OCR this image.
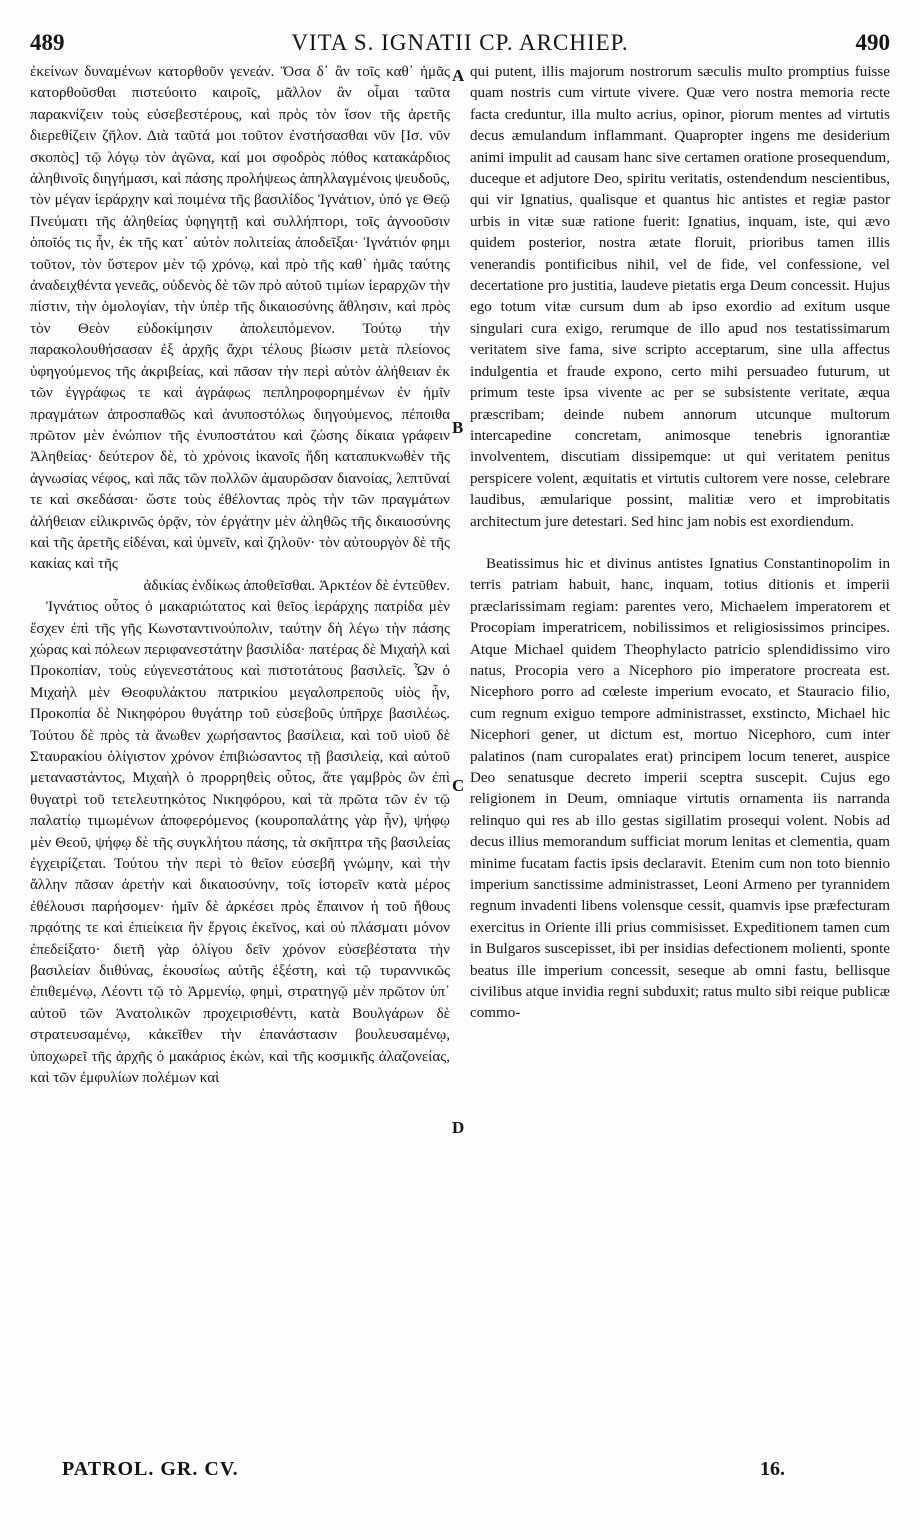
489	VITA S. IGNATII CP. ARCHIEP.	490

ἐκείνων δυναμένων κατορθοῦν γενεάν. Ὅσα δ᾽ ἂν τοῖς καθ᾽ ἡμᾶς κατορθοῦσθαι πιστεύοιτο καιροῖς, μᾶλλον ἂν οἶμαι ταῦτα παρακνίζειν τοὺς εὐσεβεστέρους, καὶ πρὸς τὸν ἴσον τῆς ἀρετῆς διερεθίζειν ζῆλον. Διὰ ταῦτά μοι τοῦτον ἐνστήσασθαι νῦν [Ισ. νῦν σκοπὸς] τῷ λόγῳ τὸν ἀγῶνα, καί μοι σφοδρὸς πόθος κατακάρδιος ἀληθινοῖς διηγήμασι, καὶ πάσης προλήψεως ἀπηλλαγμένοις ψευδοῦς, τὸν μέγαν ἱεράρχην καὶ ποιμένα τῆς βασιλίδος Ἰγνάτιον, ὑπό γε Θεῷ Πνεύματι τῆς ἀληθείας ὑφηγητῇ καὶ συλλήπτορι, τοῖς ἀγνοοῦσιν ὁποῖός τις ἦν, ἐκ τῆς κατ᾽ αὐτὸν πολιτείας ἀποδεῖξαι· Ἰγνάτιόν φημι τοῦτον, τὸν ὕστερον μὲν τῷ χρόνῳ, καὶ πρὸ τῆς καθ᾽ ἡμᾶς ταύτης ἀναδειχθέντα γενεᾶς, οὐδενὸς δὲ τῶν πρὸ αὐτοῦ τιμίων ἱεραρχῶν τὴν πίστιν, τὴν ὁμολογίαν, τὴν ὑπὲρ τῆς δικαιοσύνης ἄθλησιν, καὶ πρὸς τὸν Θεὸν εὐδοκίμησιν ἀπολειπόμενον. Τούτῳ τὴν παρακολουθήσασαν ἐξ ἀρχῆς ἄχρι τέλους βίωσιν μετὰ πλείονος ὑφηγούμενος τῆς ἀκριβείας, καὶ πᾶσαν τὴν περὶ αὐτὸν ἀλήθειαν ἐκ τῶν ἐγγράφως τε καὶ ἀγράφως πεπληροφορημένων ἐν ἡμῖν πραγμάτων ἀπροσπαθῶς καὶ ἀνυποστόλως διηγούμενος, πέποιθα πρῶτον μὲν ἐνώπιον τῆς ἐνυποστάτου καὶ ζώσης δίκαια γράφειν Ἀληθείας· δεύτερον δὲ, τὸ χρόνοις ἱκανοῖς ἤδη καταπυκνωθὲν τῆς ἀγνωσίας νέφος, καὶ πᾶς τῶν πολλῶν ἀμαυρῶσαν διανοίας, λεπτῦναί τε καὶ σκεδάσαι· ὥστε τοὺς ἐθέλοντας πρὸς τὴν τῶν πραγμάτων ἀλήθειαν εἰλικρινῶς ὁρᾷν, τὸν ἐργάτην μὲν ἀληθῶς τῆς δικαιοσύνης καὶ τῆς ἀρετῆς εἰδέναι, καὶ ὑμνεῖν, καὶ ζηλοῦν· τὸν αὐτουργὸν δὲ τῆς κακίας καὶ τῆς

ἀδικίας ἐνδίκως ἀποθεῖσθαι. Ἀρκτέον δὲ ἐντεῦθεν.

Ἰγνάτιος οὗτος ὁ μακαριώτατος καὶ θεῖος ἱεράρχης πατρίδα μὲν ἔσχεν ἐπὶ τῆς γῆς Κωνσταντινούπολιν, ταύτην δὴ λέγω τὴν πάσης χώρας καὶ πόλεων περιφανεστάτην βασιλίδα· πατέρας δὲ Μιχαὴλ καὶ Προκοπίαν, τοὺς εὐγενεστάτους καὶ πιστοτάτους βασιλεῖς. Ὧν ὁ Μιχαὴλ μὲν Θεοφυλάκτου πατρικίου μεγαλοπρεποῦς υἱὸς ἦν, Προκοπία δὲ Νικηφόρου θυγάτηρ τοῦ εὐσεβοῦς ὑπῆρχε βασιλέως. Τούτου δὲ πρὸς τὰ ἄνωθεν χωρήσαντος βασίλεια, καὶ τοῦ υἱοῦ δὲ Σταυρακίου ὀλίγιστον χρόνον ἐπιβιώσαντος τῇ βασιλείᾳ, καὶ αὐτοῦ μεταναστάντος, Μιχαὴλ ὁ προρρηθεὶς οὗτος, ἅτε γαμβρὸς ὢν ἐπὶ θυγατρὶ τοῦ τετελευτηκότος Νικηφόρου, καὶ τὰ πρῶτα τῶν ἐν τῷ παλατίῳ τιμωμένων ἀποφερόμενος (κουροπαλάτης γὰρ ἦν), ψήφῳ μὲν Θεοῦ, ψήφῳ δὲ τῆς συγκλήτου πάσης, τὰ σκῆπτρα τῆς βασιλείας ἐγχειρίζεται. Τούτου τὴν περὶ τὸ θεῖον εὐσεβῆ γνώμην, καὶ τὴν ἄλλην πᾶσαν ἀρετὴν καὶ δικαιοσύνην, τοῖς ἱστορεῖν κατὰ μέρος ἐθέλουσι παρήσομεν· ἡμῖν δὲ ἀρκέσει πρὸς ἔπαινον ἡ τοῦ ἤθους πρᾳότης τε καὶ ἐπιείκεια ἣν ἔργοις ἐκεῖνος, καὶ οὐ πλάσματι μόνον ἐπεδείξατο· διετῆ γὰρ ὀλίγου δεῖν χρόνον εὐσεβέστατα τὴν βασιλείαν διιθύνας, ἑκουσίως αὐτῆς ἐξέστη, καὶ τῷ τυραννικῶς ἐπιθεμένῳ, Λέοντι τῷ τὸ Ἀρμενίῳ, φημὶ, στρατηγῷ μὲν πρῶτον ὑπ᾽ αὐτοῦ τῶν Ἀνατολικῶν προχειρισθέντι, κατὰ Βουλγάρων δὲ στρατευσαμένῳ, κἀκεῖθεν τὴν ἐπανάστασιν βουλευσαμένῳ, ὑποχωρεῖ τῆς ἀρχῆς ὁ μακάριος ἑκὼν, καὶ τῆς κοσμικῆς ἀλαζονείας, καὶ τῶν ἐμφυλίων πολέμων καὶ

A
B
C
D

qui putent, illis majorum nostrorum sæculis multo promptius fuisse quam nostris cum virtute vivere. Quæ vero nostra memoria recte facta creduntur, illa multo acrius, opinor, piorum mentes ad virtutis decus æmulandum inflammant. Quapropter ingens me desiderium animi impulit ad causam hanc sive certamen oratione prosequendum, duceque et adjutore Deo, spiritu veritatis, ostendendum nescientibus, qui vir Ignatius, qualisque et quantus hic antistes et regiæ pastor urbis in vitæ suæ ratione fuerit: Ignatius, inquam, iste, qui ævo quidem posterior, nostra ætate floruit, prioribus tamen illis venerandis pontificibus nihil, vel de fide, vel confessione, vel decertatione pro justitia, laudeve pietatis erga Deum concessit. Hujus ego totum vitæ cursum dum ab ipso exordio ad exitum usque singulari cura exigo, rerumque de illo apud nos testatissimarum veritatem sive fama, sive scripto acceptarum, sine ulla affectus indulgentia et fraude expono, certo mihi persuadeo futurum, ut primum teste ipsa vivente ac per se subsistente veritate, æqua præscribam; deinde nubem annorum utcunque multorum intercapedine concretam, animosque tenebris ignorantiæ involventem, discutiam dissipemque: ut qui veritatem penitus perspicere volent, æquitatis et virtutis cultorem vere nosse, celebrare laudibus, æmularique possint, malitiæ vero et improbitatis architectum jure detestari. Sed hinc jam nobis est exordiendum.

Beatissimus hic et divinus antistes Ignatius Constantinopolim in terris patriam habuit, hanc, inquam, totius ditionis et imperii præclarissimam regiam: parentes vero, Michaelem imperatorem et Procopiam imperatricem, nobilissimos et religiosissimos principes. Atque Michael quidem Theophylacto patricio splendidissimo viro natus, Procopia vero a Nicephoro pio imperatore procreata est. Nicephoro porro ad cœleste imperium evocato, et Stauracio filio, cum regnum exiguo tempore administrasset, exstincto, Michael hic Nicephori gener, ut dictum est, mortuo Nicephoro, cum inter palatinos (nam curopalates erat) principem locum teneret, auspice Deo senatusque decreto imperii sceptra suscepit. Cujus ego religionem in Deum, omniaque virtutis ornamenta iis narranda relinquo qui res ab illo gestas sigillatim prosequi volent. Nobis ad decus illius memorandum sufficiat morum lenitas et clementia, quam minime fucatam factis ipsis declaravit. Etenim cum non toto biennio imperium sanctissime administrasset, Leoni Armeno per tyrannidem regnum invadenti libens volensque cessit, quamvis ipse præfecturam exercitus in Oriente illi prius commisisset. Expeditionem tamen cum in Bulgaros suscepisset, ibi per insidias defectionem molienti, sponte beatus ille imperium concessit, seseque ab omni fastu, bellisque civilibus atque invidia regni subduxit; ratus multo sibi reique publicæ commo-

PATROL. GR. CV.	16.
